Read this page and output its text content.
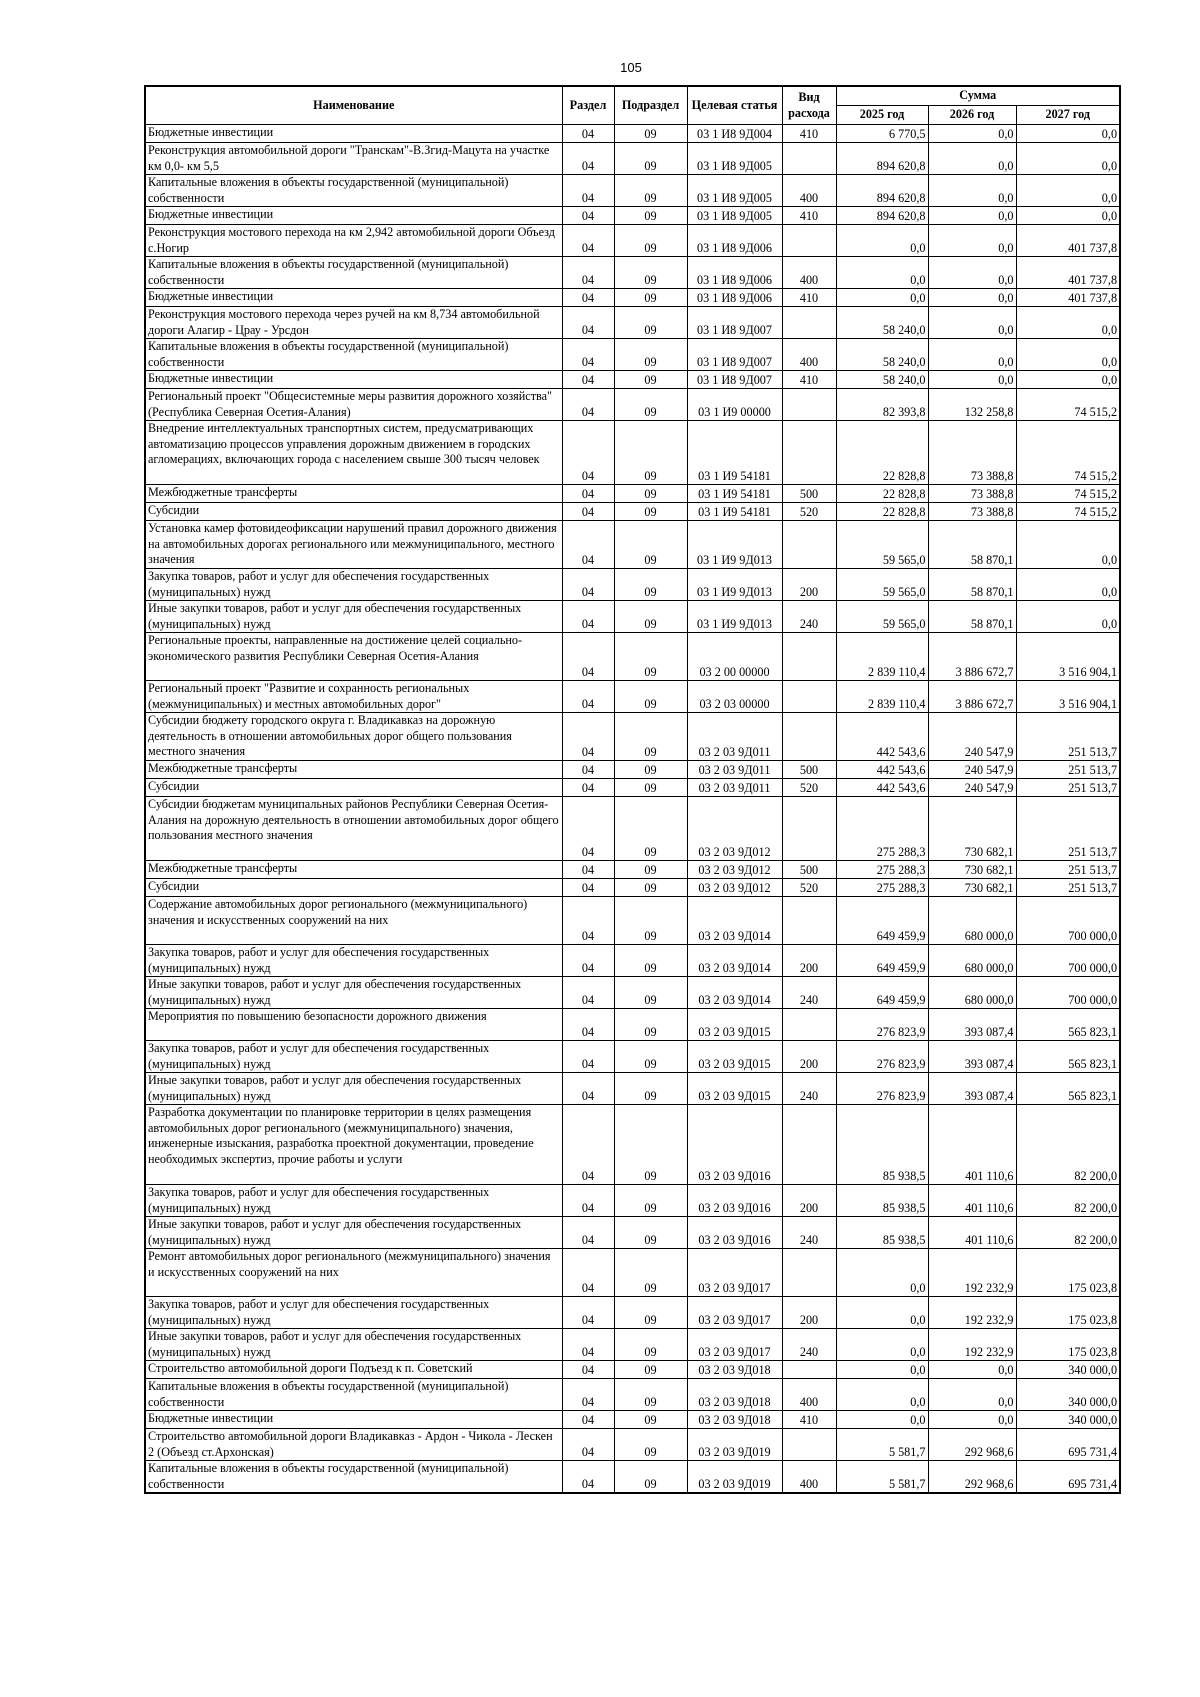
105
Наименование	Раздел	Подраздел	Целевая статья	Вид расхода	Сумма		
					2025 год	2026 год	2027 год
Бюджетные инвестиции	04	09	03 1 И8 9Д004	410	6 770,5	0,0	0,0
Реконструкция автомобильной дороги "Транскам"-В.Згид-Мацута на участке км 0,0- км 5,5	04	09	03 1 И8 9Д005		894 620,8	0,0	0,0
Капитальные вложения в объекты государственной (муниципальной) собственности	04	09	03 1 И8 9Д005	400	894 620,8	0,0	0,0
Бюджетные инвестиции	04	09	03 1 И8 9Д005	410	894 620,8	0,0	0,0
Реконструкция мостового перехода на км 2,942 автомобильной дороги Объезд с.Ногир	04	09	03 1 И8 9Д006		0,0	0,0	401 737,8
Капитальные вложения в объекты государственной (муниципальной) собственности	04	09	03 1 И8 9Д006	400	0,0	0,0	401 737,8
Бюджетные инвестиции	04	09	03 1 И8 9Д006	410	0,0	0,0	401 737,8
Реконструкция мостового перехода через ручей на км 8,734 автомобильной дороги Алагир - Црау - Урсдон	04	09	03 1 И8 9Д007		58 240,0	0,0	0,0
Капитальные вложения в объекты государственной (муниципальной) собственности	04	09	03 1 И8 9Д007	400	58 240,0	0,0	0,0
Бюджетные инвестиции	04	09	03 1 И8 9Д007	410	58 240,0	0,0	0,0
Региональный проект "Общесистемные меры развития дорожного хозяйства" (Республика Северная Осетия-Алания)	04	09	03 1 И9 00000		82 393,8	132 258,8	74 515,2
Внедрение интеллектуальных транспортных систем, предусматривающих автоматизацию процессов управления дорожным движением в городских агломерациях, включающих города с населением свыше 300 тысяч человек	04	09	03 1 И9 54181		22 828,8	73 388,8	74 515,2
Межбюджетные трансферты	04	09	03 1 И9 54181	500	22 828,8	73 388,8	74 515,2
Субсидии	04	09	03 1 И9 54181	520	22 828,8	73 388,8	74 515,2
Установка камер фотовидеофиксации нарушений правил дорожного движения на автомобильных дорогах регионального или межмуниципального, местного значения	04	09	03 1 И9 9Д013		59 565,0	58 870,1	0,0
Закупка товаров, работ и услуг для обеспечения государственных (муниципальных) нужд	04	09	03 1 И9 9Д013	200	59 565,0	58 870,1	0,0
Иные закупки товаров, работ и услуг для обеспечения государственных (муниципальных) нужд	04	09	03 1 И9 9Д013	240	59 565,0	58 870,1	0,0
Региональные проекты, направленные на достижение целей социально-экономического развития Республики Северная Осетия-Алания	04	09	03 2 00 00000		2 839 110,4	3 886 672,7	3 516 904,1
Региональный проект "Развитие и сохранность региональных (межмуниципальных) и местных автомобильных дорог"	04	09	03 2 03 00000		2 839 110,4	3 886 672,7	3 516 904,1
Субсидии бюджету городского округа г. Владикавказ на дорожную деятельность в отношении автомобильных дорог общего пользования местного значения	04	09	03 2 03 9Д011		442 543,6	240 547,9	251 513,7
Межбюджетные трансферты	04	09	03 2 03 9Д011	500	442 543,6	240 547,9	251 513,7
Субсидии	04	09	03 2 03 9Д011	520	442 543,6	240 547,9	251 513,7
Субсидии бюджетам муниципальных районов Республики Северная Осетия-Алания на дорожную деятельность в отношении автомобильных дорог общего пользования местного значения	04	09	03 2 03 9Д012		275 288,3	730 682,1	251 513,7
Межбюджетные трансферты	04	09	03 2 03 9Д012	500	275 288,3	730 682,1	251 513,7
Субсидии	04	09	03 2 03 9Д012	520	275 288,3	730 682,1	251 513,7
Содержание автомобильных дорог регионального (межмуниципального) значения и искусственных сооружений на них	04	09	03 2 03 9Д014		649 459,9	680 000,0	700 000,0
Закупка товаров, работ и услуг для обеспечения государственных (муниципальных) нужд	04	09	03 2 03 9Д014	200	649 459,9	680 000,0	700 000,0
Иные закупки товаров, работ и услуг для обеспечения государственных (муниципальных) нужд	04	09	03 2 03 9Д014	240	649 459,9	680 000,0	700 000,0
Мероприятия по повышению безопасности дорожного движения	04	09	03 2 03 9Д015		276 823,9	393 087,4	565 823,1
Закупка товаров, работ и услуг для обеспечения государственных (муниципальных) нужд	04	09	03 2 03 9Д015	200	276 823,9	393 087,4	565 823,1
Иные закупки товаров, работ и услуг для обеспечения государственных (муниципальных) нужд	04	09	03 2 03 9Д015	240	276 823,9	393 087,4	565 823,1
Разработка документации по планировке территории в целях размещения автомобильных дорог регионального (межмуниципального) значения, инженерные изыскания, разработка проектной документации, проведение необходимых экспертиз, прочие работы и услуги	04	09	03 2 03 9Д016		85 938,5	401 110,6	82 200,0
Закупка товаров, работ и услуг для обеспечения государственных (муниципальных) нужд	04	09	03 2 03 9Д016	200	85 938,5	401 110,6	82 200,0
Иные закупки товаров, работ и услуг для обеспечения государственных (муниципальных) нужд	04	09	03 2 03 9Д016	240	85 938,5	401 110,6	82 200,0
Ремонт автомобильных дорог регионального (межмуниципального) значения и искусственных сооружений на них	04	09	03 2 03 9Д017		0,0	192 232,9	175 023,8
Закупка товаров, работ и услуг для обеспечения государственных (муниципальных) нужд	04	09	03 2 03 9Д017	200	0,0	192 232,9	175 023,8
Иные закупки товаров, работ и услуг для обеспечения государственных (муниципальных) нужд	04	09	03 2 03 9Д017	240	0,0	192 232,9	175 023,8
Строительство автомобильной дороги Подъезд к п. Советский	04	09	03 2 03 9Д018		0,0	0,0	340 000,0
Капитальные вложения в объекты государственной (муниципальной) собственности	04	09	03 2 03 9Д018	400	0,0	0,0	340 000,0
Бюджетные инвестиции	04	09	03 2 03 9Д018	410	0,0	0,0	340 000,0
Строительство автомобильной дороги Владикавказ - Ардон - Чикола - Лескен 2 (Объезд ст.Архонская)	04	09	03 2 03 9Д019		5 581,7	292 968,6	695 731,4
Капитальные вложения в объекты государственной (муниципальной) собственности	04	09	03 2 03 9Д019	400	5 581,7	292 968,6	695 731,4
